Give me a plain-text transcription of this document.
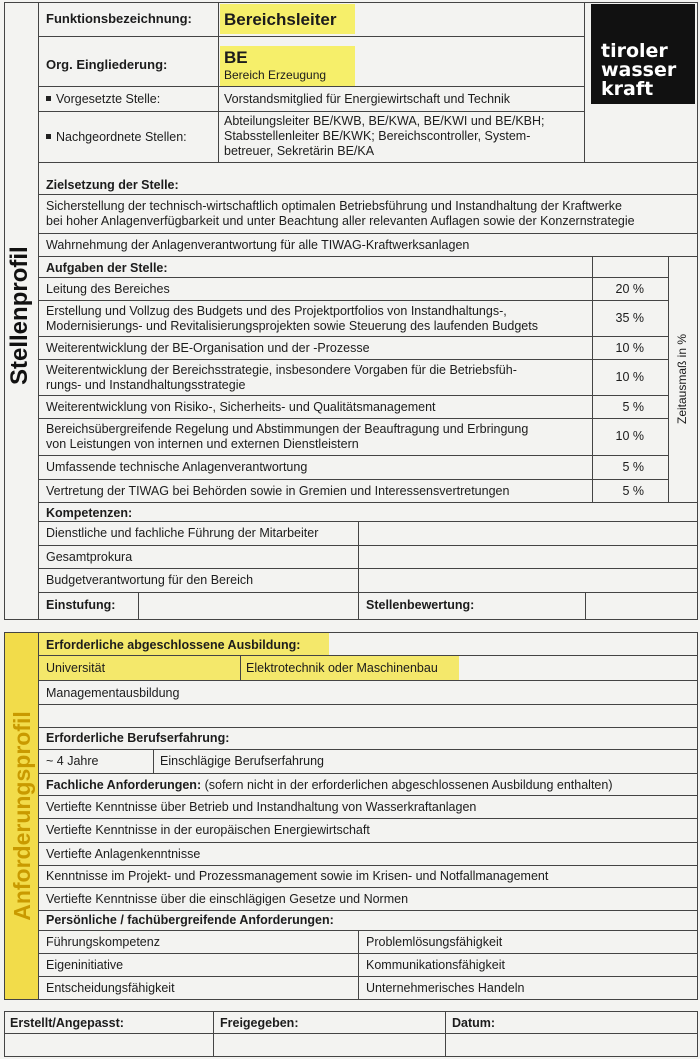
Stellenprofil
tiroler
wasser
kraft
Funktionsbezeichnung: Bereichsleiter
Org. Eingliederung:	BE
Bereich Erzeugung
Vorgesetzte Stelle:	Vorstandsmitglied für Energiewirtschaft und Technik
Nachgeordnete Stellen:
Abteilungsleiter BE/KWB, BE/KWA, BE/KWI und BE/KBH;
Stabsstellenleiter BE/KWK; Bereichscontroller, System-
betreuer, Sekretärin BE/KA
Zielsetzung der Stelle:
Sicherstellung der technisch-wirtschaftlich optimalen Betriebsführung und Instandhaltung der Kraftwerke
bei hoher Anlagenverfügbarkeit und unter Beachtung aller relevanten Auflagen sowie der Konzernstrategie
Wahrnehmung der Anlagenverantwortung für alle TIWAG-Kraftwerksanlagen
Aufgaben der Stelle:
Zeitausmaß in %
Leitung des Bereiches	20 %
Erstellung und Vollzug des Budgets und des Projektportfolios von Instandhaltungs-,
Modernisierungs- und Revitalisierungsprojekten sowie Steuerung des laufenden Budgets
35 %
Weiterentwicklung der BE-Organisation und der -Prozesse	10 %
Weiterentwicklung der Bereichsstrategie, insbesondere Vorgaben für die Betriebsfüh-
rungs- und Instandhaltungsstrategie
10 %
Weiterentwicklung von Risiko-, Sicherheits- und Qualitätsmanagement	5 %
Bereichsübergreifende Regelung und Abstimmungen der Beauftragung und Erbringung
von Leistungen von internen und externen Dienstleistern
10 %
Umfassende technische Anlagenverantwortung	5 %
Vertretung der TIWAG bei Behörden sowie in Gremien und Interessensvertretungen	5 %
Kompetenzen:
Dienstliche und fachliche Führung der Mitarbeiter
Gesamtprokura
Budgetverantwortung für den Bereich
Einstufung:	Stellenbewertung:
Anforderungsprofil
Erforderliche abgeschlossene Ausbildung:
Universität	Elektrotechnik oder Maschinenbau
Managementausbildung
Erforderliche Berufserfahrung:
~ 4 Jahre	Einschlägige Berufserfahrung
Fachliche Anforderungen: (sofern nicht in der erforderlichen abgeschlossenen Ausbildung enthalten)
Vertiefte Kenntnisse über Betrieb und Instandhaltung von Wasserkraftanlagen
Vertiefte Kenntnisse in der europäischen Energiewirtschaft
Vertiefte Anlagenkenntnisse
Kenntnisse im Projekt- und Prozessmanagement sowie im Krisen- und Notfallmanagement
Vertiefte Kenntnisse über die einschlägigen Gesetze und Normen
Persönliche / fachübergreifende Anforderungen:
Führungskompetenz	Problemlösungsfähigkeit
Eigeninitiative	Kommunikationsfähigkeit
Entscheidungsfähigkeit	Unternehmerisches Handeln
Erstellt/Angepasst:	Freigegeben:	Datum:
